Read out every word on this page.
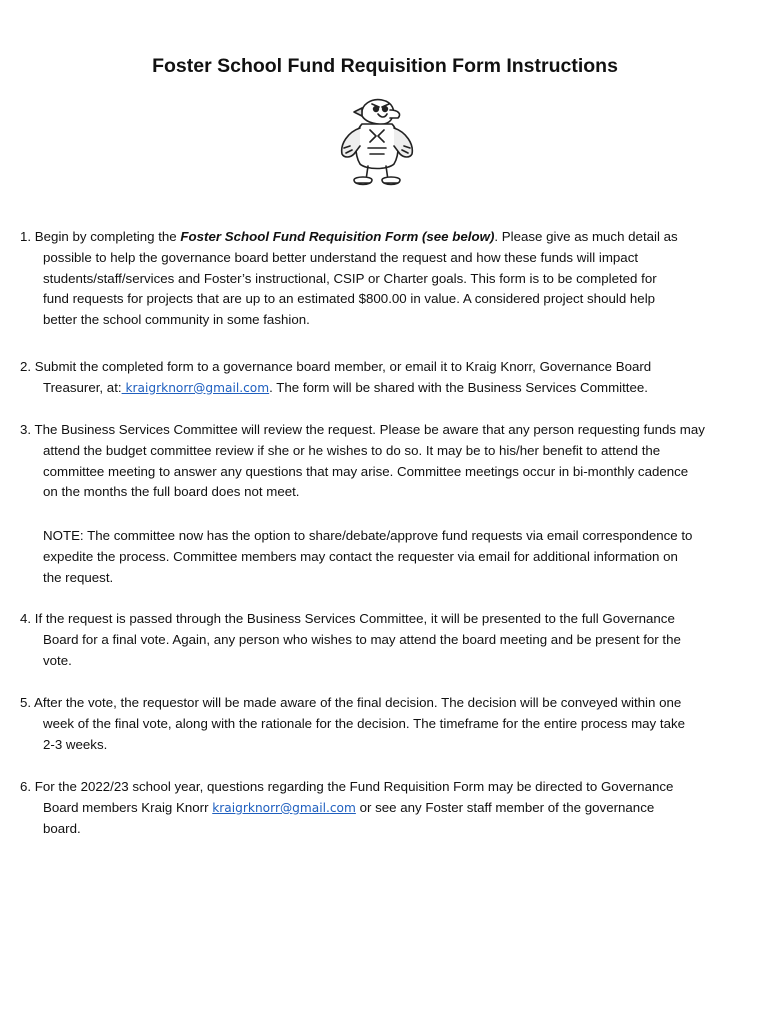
Foster School Fund Requisition Form Instructions
1. Begin by completing the Foster School Fund Requisition Form (see below). Please give as much detail as
possible to help the governance board better understand the request and how these funds will impact
students/staff/services and Foster’s instructional, CSIP or Charter goals. This form is to be completed for
fund requests for projects that are up to an estimated $800.00 in value. A considered project should help
better the school community in some fashion.
2. Submit the completed form to a governance board member, or email it to Kraig Knorr, Governance Board
Treasurer, at: kraigrknorr@gmail.com. The form will be shared with the Business Services Committee.
3. The Business Services Committee will review the request. Please be aware that any person requesting funds may
attend the budget committee review if she or he wishes to do so. It may be to his/her benefit to attend the
committee meeting to answer any questions that may arise. Committee meetings occur in bi-monthly cadence
on the months the full board does not meet.
NOTE: The committee now has the option to share/debate/approve fund requests via email correspondence to
expedite the process. Committee members may contact the requester via email for additional information on
the request.
4. If the request is passed through the Business Services Committee, it will be presented to the full Governance
Board for a final vote. Again, any person who wishes to may attend the board meeting and be present for the
vote.
5. After the vote, the requestor will be made aware of the final decision. The decision will be conveyed within one
week of the final vote, along with the rationale for the decision. The timeframe for the entire process may take
2-3 weeks.
6. For the 2022/23 school year, questions regarding the Fund Requisition Form may be directed to Governance
Board members Kraig Knorr kraigrknorr@gmail.com or see any Foster staff member of the governance
board.
